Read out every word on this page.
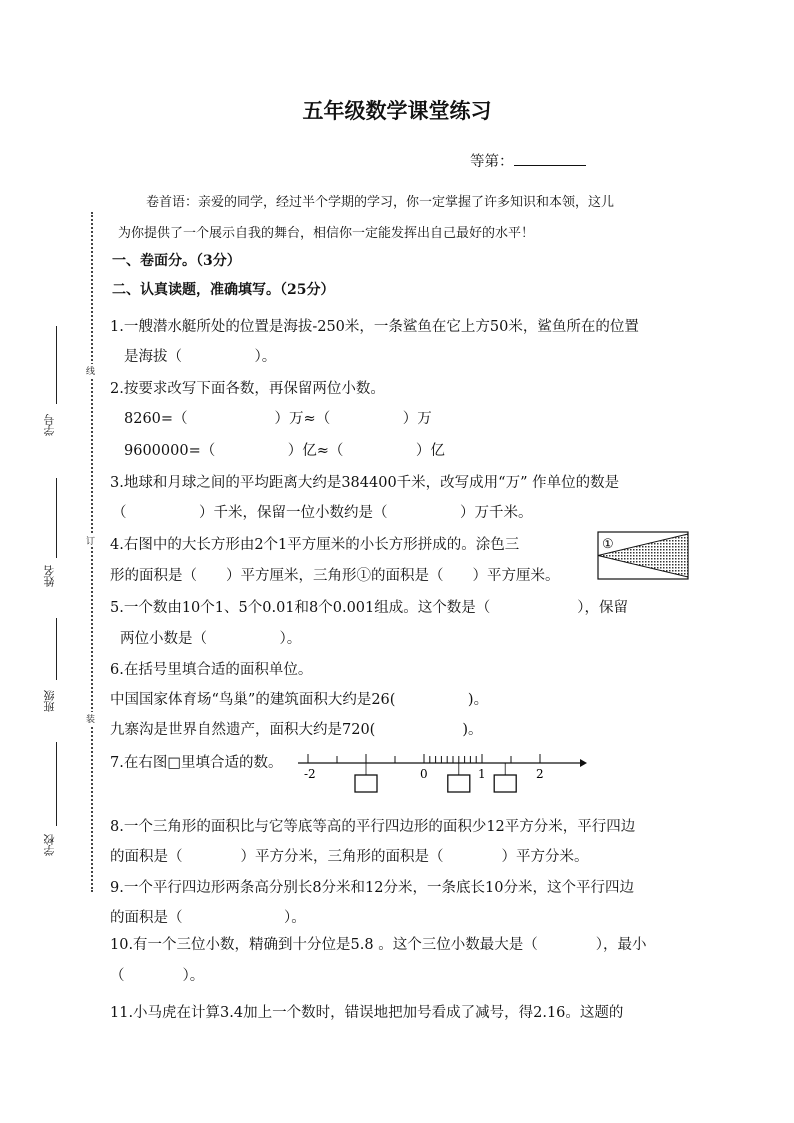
五年级数学课堂练习
等第：
卷首语：亲爱的同学，经过半个学期的学习，你一定掌握了许多知识和本领，这儿
为你提供了一个展示自我的舞台，相信你一定能发挥出自己最好的水平！
一、卷面分。（3分）
二、认真读题，准确填写。（25分）
1.一艘潜水艇所处的位置是海拔-250米，一条鲨鱼在它上方50米，鲨鱼所在的位置
是海拔（　　　　　）。
2.按要求改写下面各数，再保留两位小数。
8260=（　　　　　　）万≈（　　　　　）万
9600000=（　　　　　）亿≈（　　　　　）亿
3.地球和月球之间的平均距离大约是384400千米，改写成用“万” 作单位的数是
（　　　　　）千米，保留一位小数约是（　　　　　）万千米。
4.右图中的大长方形由2个1平方厘米的小长方形拼成的。涂色三
形的面积是（　　）平方厘米，三角形①的面积是（　　）平方厘米。
①
5.一个数由10个1、5个0.01和8个0.001组成。这个数是（　　　　　　），保留
两位小数是（　　　　　）。
6.在括号里填合适的面积单位。
中国国家体育场“鸟巢”的建筑面积大约是26(　　　　　)。
九寨沟是世界自然遗产，面积大约是720(　　　　　　)。
7.在右图□里填合适的数。
-2	0	1	2
8.一个三角形的面积比与它等底等高的平行四边形的面积少12平方分米，平行四边
的面积是（　　　　）平方分米，三角形的面积是（　　　　）平方分米。
9.一个平行四边形两条高分别长8分米和12分米，一条底长10分米，这个平行四边
的面积是（　　　　　　　）。
10.有一个三位小数，精确到十分位是5.8 。这个三位小数最大是（　　　　），最小
（　　　　）。
11.小马虎在计算3.4加上一个数时，错误地把加号看成了减号，得2.16。这题的
线
订
装
学号
姓名
班级
学校
